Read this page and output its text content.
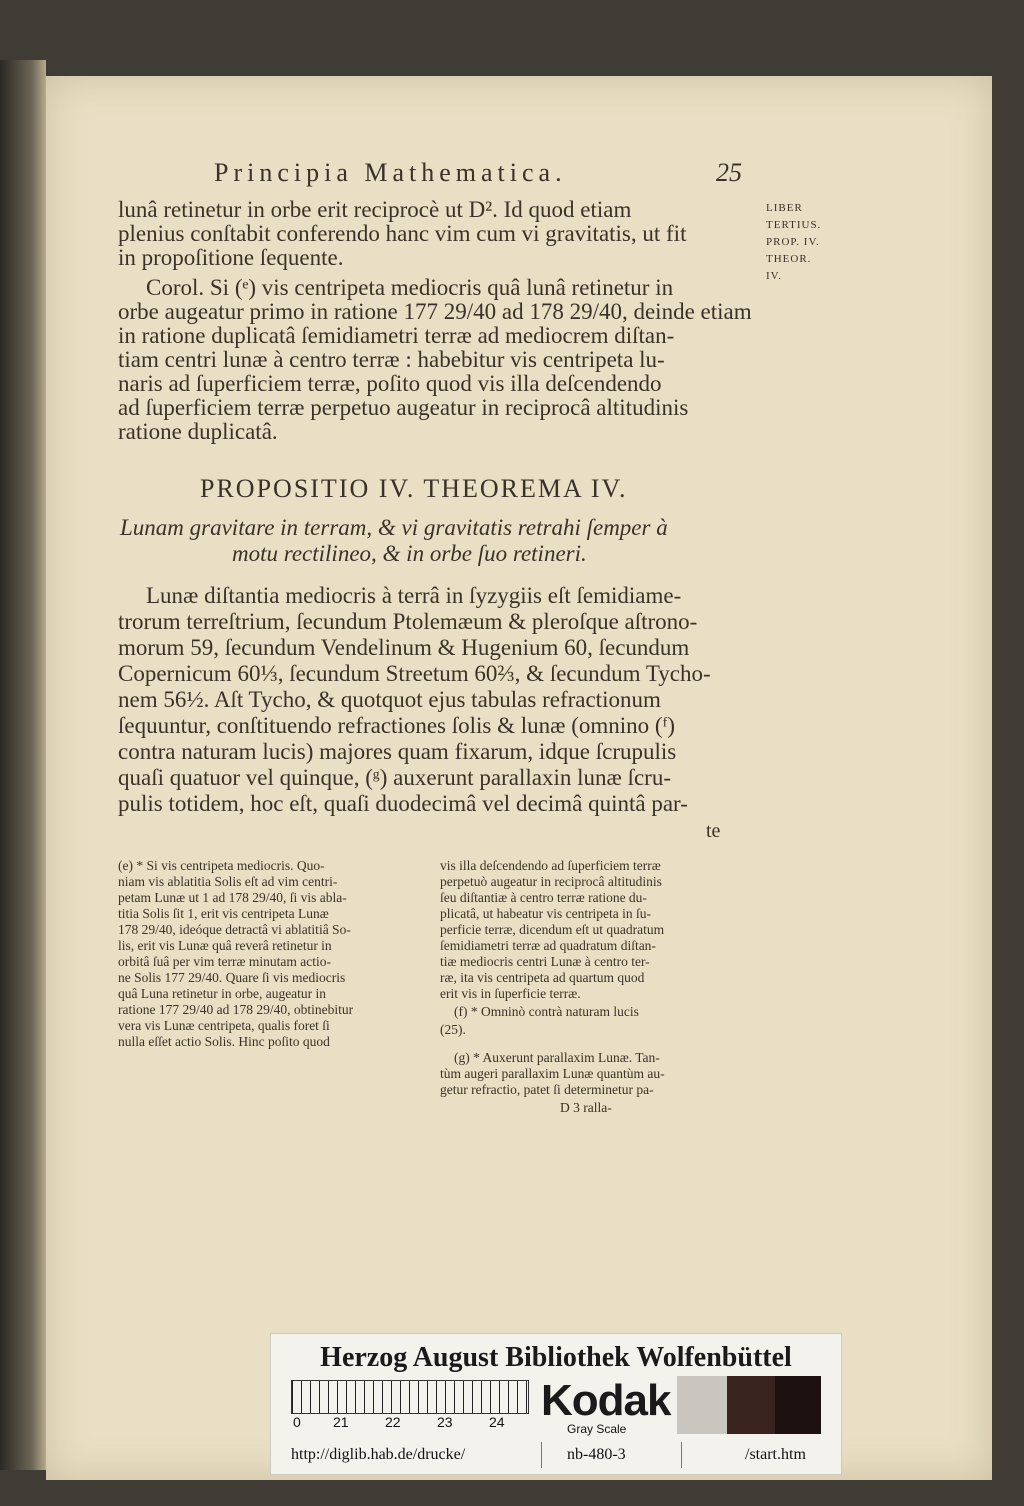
Principia Mathematica.	25
LIBER
TERTIUS.
PROP. IV.
THEOR.
IV.
lunâ retinetur in orbe erit reciprocè ut D². Id quod etiam
plenius conſtabit conferendo hanc vim cum vi gravitatis, ut fit
in propoſitione ſequente.
Corol. Si (ᵉ) vis centripeta mediocris quâ lunâ retinetur in
orbe augeatur primo in ratione 177 29/40 ad 178 29/40, deinde etiam
in ratione duplicatâ ſemidiametri terræ ad mediocrem diſtan-
tiam centri lunæ à centro terræ : habebitur vis centripeta lu-
naris ad ſuperficiem terræ, poſito quod vis illa deſcendendo
ad ſuperficiem terræ perpetuo augeatur in reciprocâ altitudinis
ratione duplicatâ.
PROPOSITIO IV. THEOREMA IV.
Lunam gravitare in terram, & vi gravitatis retrahi ſemper à
motu rectilineo, & in orbe ſuo retineri.
Lunæ diſtantia mediocris à terrâ in ſyzygiis eſt ſemidiame-
trorum terreſtrium, ſecundum Ptolemæum & pleroſque aſtrono-
morum 59, ſecundum Vendelinum & Hugenium 60, ſecundum
Copernicum 60⅓, ſecundum Streetum 60⅔, & ſecundum Tycho-
nem 56½. Aſt Tycho, & quotquot ejus tabulas refractionum
ſequuntur, conſtituendo refractiones ſolis & lunæ (omnino (ᶠ)
contra naturam lucis) majores quam fixarum, idque ſcrupulis
quaſi quatuor vel quinque, (ᵍ) auxerunt parallaxin lunæ ſcru-
pulis totidem, hoc eſt, quaſi duodecimâ vel decimâ quintâ par-
te
(e) * Si vis centripeta mediocris. Quo-
niam vis ablatitia Solis eſt ad vim centri-
petam Lunæ ut 1 ad 178 29/40, ſi vis abla-
titia Solis ſit 1, erit vis centripeta Lunæ
178 29/40, ideóque detractâ vi ablatitiâ So-
lis, erit vis Lunæ quâ reverâ retinetur in
orbitâ ſuâ per vim terræ minutam actio-
ne Solis 177 29/40. Quare ſi vis mediocris
quâ Luna retinetur in orbe, augeatur in
ratione 177 29/40 ad 178 29/40, obtinebitur
vera vis Lunæ centripeta, qualis foret ſi
nulla eſſet actio Solis. Hinc poſito quod
vis illa deſcendendo ad ſuperficiem terræ
perpetuò augeatur in reciprocâ altitudinis
ſeu diſtantiæ à centro terræ ratione du-
plicatâ, ut habeatur vis centripeta in ſu-
perficie terræ, dicendum eſt ut quadratum
ſemidiametri terræ ad quadratum diſtan-
tiæ mediocris centri Lunæ à centro ter-
ræ, ita vis centripeta ad quartum quod
erit vis in ſuperficie terræ.
(f) * Omninò contrà naturam lucis
(25).
(g) * Auxerunt parallaxim Lunæ. Tan-
tùm augeri parallaxim Lunæ quantùm au-
getur refractio, patet ſi determinetur pa-
D 3 ralla-
Herzog August Bibliothek Wolfenbüttel
0 21	22	23	24 Kodak
Gray Scale
http://diglib.hab.de/drucke/	nb-480-3	/start.htm
